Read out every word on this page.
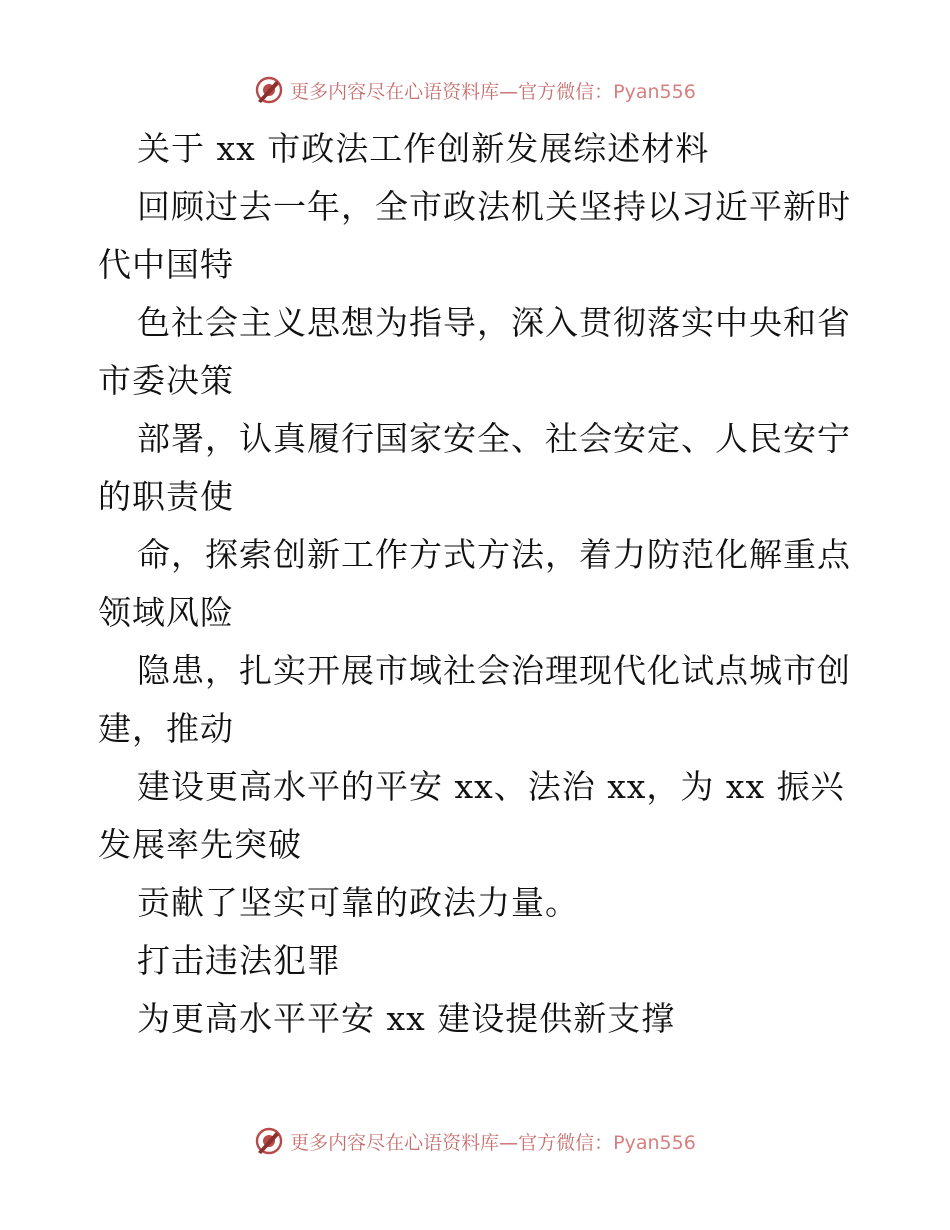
更多内容尽在心语资料库—官方微信：Pyan556
关于 xx 市政法工作创新发展综述材料
回顾过去一年，全市政法机关坚持以习近平新时
代中国特
色社会主义思想为指导，深入贯彻落实中央和省
市委决策
部署，认真履行国家安全、社会安定、人民安宁
的职责使
命，探索创新工作方式方法，着力防范化解重点
领域风险
隐患，扎实开展市域社会治理现代化试点城市创
建，推动
建设更高水平的平安 xx、法治 xx，为 xx 振兴
发展率先突破
贡献了坚实可靠的政法力量。
打击违法犯罪
为更高水平平安 xx 建设提供新支撑
更多内容尽在心语资料库—官方微信：Pyan556
